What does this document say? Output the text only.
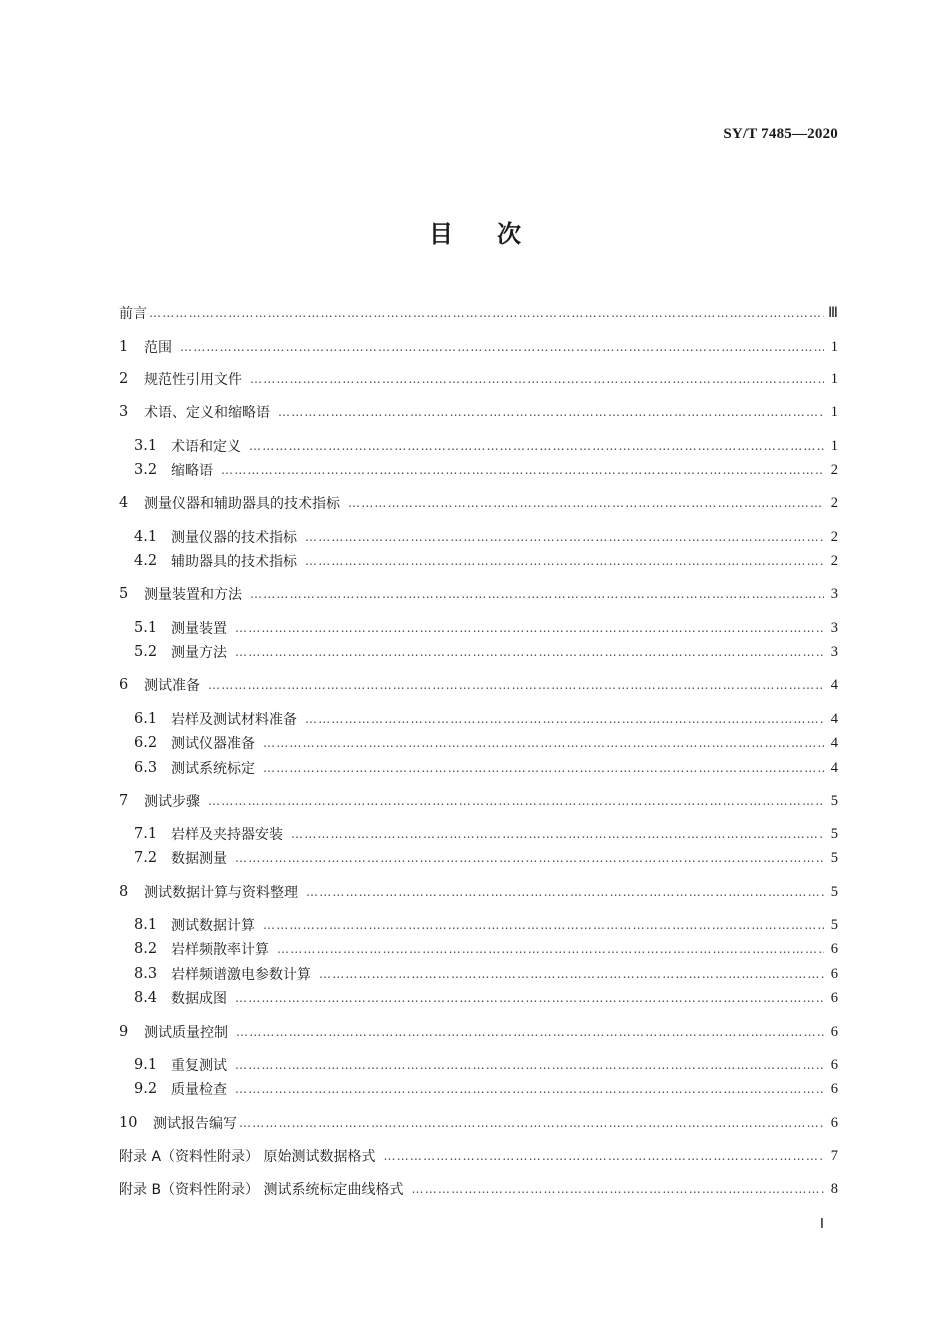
SY/T 7485—2020
目 次
前言 ……………………………………………………………………………………………………………………………………………………………………………………………………………………………………	Ⅲ
1	范围 ……………………………………………………………………………………………………………………………………………………………………………………………………………………………………	1
2	规范性引用文件 ……………………………………………………………………………………………………………………………………………………………………………………………………………………………………	1
3	术语、定义和缩略语 ……………………………………………………………………………………………………………………………………………………………………………………………………………………………………	1
3.1 术语和定义 ……………………………………………………………………………………………………………………………………………………………………………………………………………………………………	1
3.2 缩略语 ……………………………………………………………………………………………………………………………………………………………………………………………………………………………………	2
4	测量仪器和辅助器具的技术指标 ……………………………………………………………………………………………………………………………………………………………………………………………………………………………………	2
4.1 测量仪器的技术指标 ……………………………………………………………………………………………………………………………………………………………………………………………………………………………………	2
4.2 辅助器具的技术指标 ……………………………………………………………………………………………………………………………………………………………………………………………………………………………………	2
5	测量装置和方法 ……………………………………………………………………………………………………………………………………………………………………………………………………………………………………	3
5.1 测量装置 ……………………………………………………………………………………………………………………………………………………………………………………………………………………………………	3
5.2 测量方法 ……………………………………………………………………………………………………………………………………………………………………………………………………………………………………	3
6	测试准备 ……………………………………………………………………………………………………………………………………………………………………………………………………………………………………	4
6.1 岩样及测试材料准备 ……………………………………………………………………………………………………………………………………………………………………………………………………………………………………	4
6.2 测试仪器准备 ……………………………………………………………………………………………………………………………………………………………………………………………………………………………………	4
6.3 测试系统标定 ……………………………………………………………………………………………………………………………………………………………………………………………………………………………………	4
7	测试步骤 ……………………………………………………………………………………………………………………………………………………………………………………………………………………………………	5
7.1 岩样及夹持器安装 ……………………………………………………………………………………………………………………………………………………………………………………………………………………………………	5
7.2 数据测量 ……………………………………………………………………………………………………………………………………………………………………………………………………………………………………	5
8	测试数据计算与资料整理 ……………………………………………………………………………………………………………………………………………………………………………………………………………………………………	5
8.1 测试数据计算 ……………………………………………………………………………………………………………………………………………………………………………………………………………………………………	5
8.2 岩样频散率计算 ……………………………………………………………………………………………………………………………………………………………………………………………………………………………………	6
8.3 岩样频谱激电参数计算 ……………………………………………………………………………………………………………………………………………………………………………………………………………………………………	6
8.4 数据成图 ……………………………………………………………………………………………………………………………………………………………………………………………………………………………………	6
9	测试质量控制 ……………………………………………………………………………………………………………………………………………………………………………………………………………………………………	6
9.1 重复测试 ……………………………………………………………………………………………………………………………………………………………………………………………………………………………………	6
9.2 质量检查 ……………………………………………………………………………………………………………………………………………………………………………………………………………………………………	6
10	测试报告编写 ……………………………………………………………………………………………………………………………………………………………………………………………………………………………………	6
附录 A（资料性附录） 原始测试数据格式 ……………………………………………………………………………………………………………………………………………………………………………………………………………………………………	7
附录 B（资料性附录） 测试系统标定曲线格式 ……………………………………………………………………………………………………………………………………………………………………………………………………………………………………	8
Ⅰ
